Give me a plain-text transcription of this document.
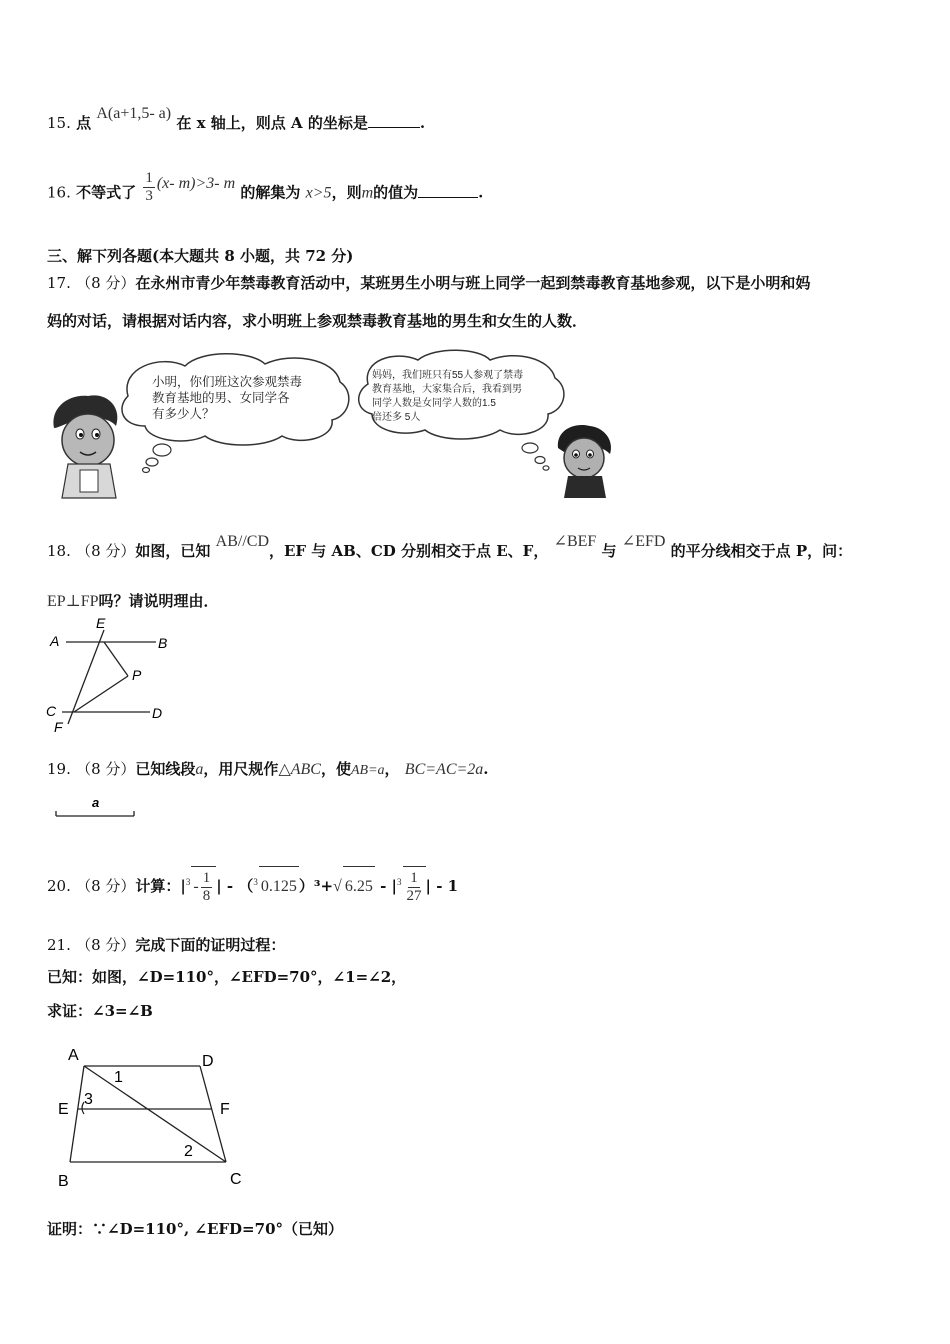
15. 点 A(a+1,5- a) 在 x 轴上，则点 A 的坐标是	.
16. 不等式了 $\frac{1}{3} (x-$ m)>3- m 的解集为 x>5，则m的值为	.
三、解下列各题(本大题共 8 小题，共 72 分)
17. （8 分）在永州市青少年禁毒教育活动中，某班男生小明与班上同学一起到禁毒教育基地参观，以下是小明和妈
妈的对话，请根据对话内容，求小明班上参观禁毒教育基地的男生和女生的人数．
小明，你们班这次参观禁毒
教育基地的男、女同学各
有多少人？
妈妈，我们班只有55人参观了禁毒
教育基地，大家集合后，我看到男
同学人数是女同学人数的1.5
倍还多 5人
18. （8 分）如图，已知 AB//CD，EF 与 AB、CD 分别相交于点 E、F， ∠BEF 与 ∠EFD 的平分线相交于点 P，问：
EP⊥FP吗？请说明理由．
A
E
B
P
C	D
F
19. （8 分）已知线段a，用尺规作△ABC，使AB=a， BC=AC=2a.
a
20. （8 分）计算：$|^3 - \frac{1}{8}$ | - （$^3$ 0.125 ）³+√ $6.25 - |^3 \frac{1}{27}$ | - 1
21. （8 分）完成下面的证明过程：
已知：如图，∠D=110°，∠EFD=70°，∠1=∠2，
求证：∠3=∠B
A	D
1
E
3
F
2
B	C
证明：∵∠D=110°, ∠EFD=70°（已知）
